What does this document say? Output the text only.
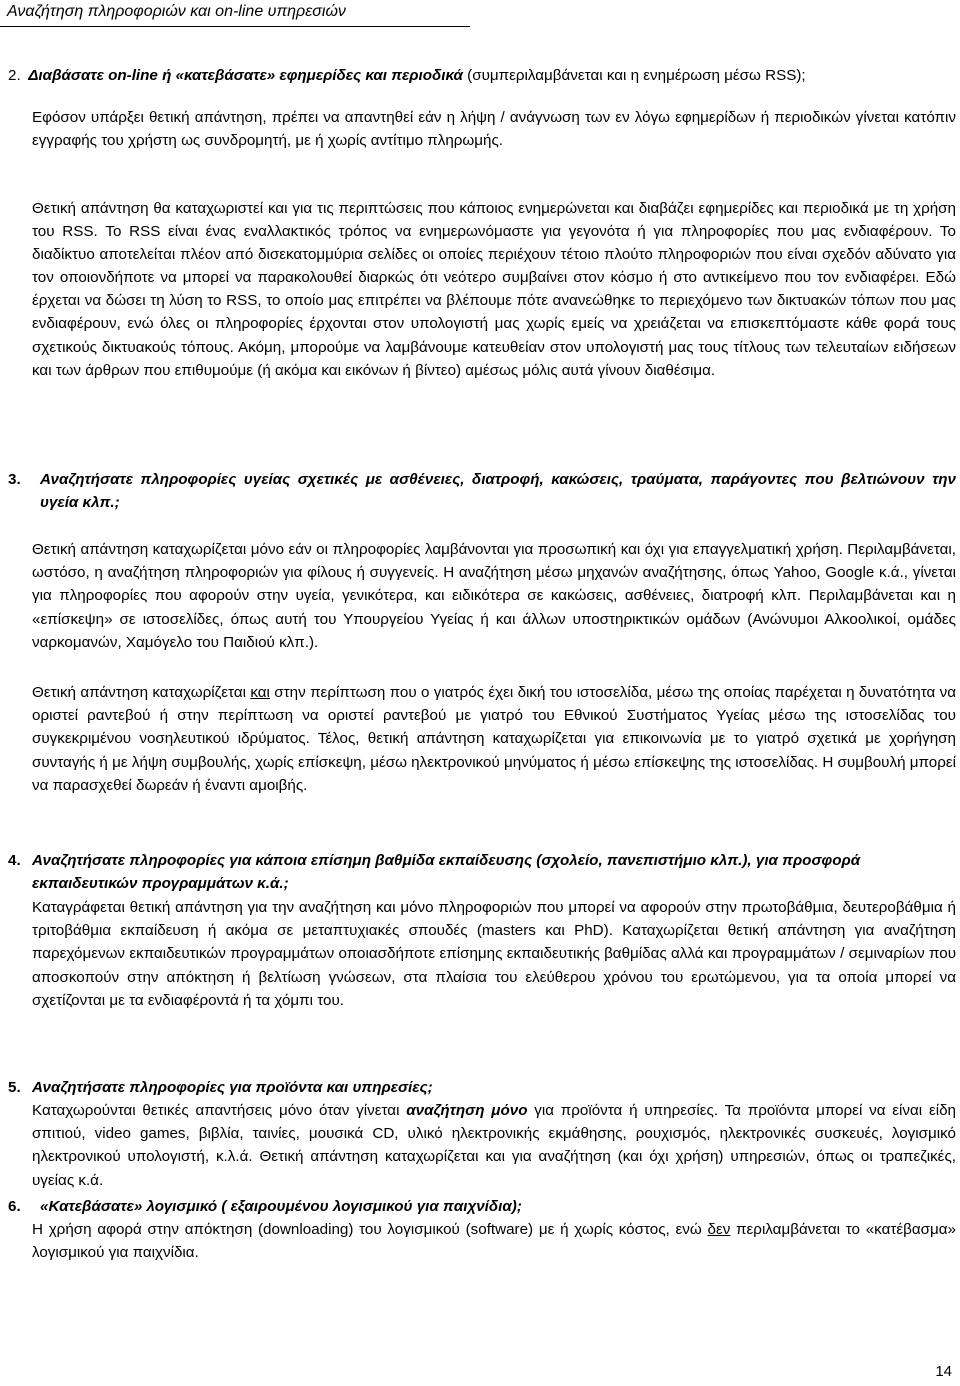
Αναζήτηση πληροφοριών και on-line υπηρεσιών

2. Διαβάσατε on-line ή «κατεβάσατε» εφημερίδες και περιοδικά (συμπεριλαμβάνεται και η ενημέρωση μέσω RSS);

Εφόσον υπάρξει θετική απάντηση, πρέπει να απαντηθεί εάν η λήψη / ανάγνωση των εν λόγω εφημερίδων ή περιοδικών γίνεται κατόπιν εγγραφής του χρήστη ως συνδρομητή, με ή χωρίς αντίτιμο πληρωμής.

Θετική απάντηση θα καταχωριστεί και για τις περιπτώσεις που κάποιος ενημερώνεται και διαβάζει εφημερίδες και περιοδικά με τη χρήση του RSS. Το RSS είναι ένας εναλλακτικός τρόπος να ενημερωνόμαστε για γεγονότα ή για πληροφορίες που μας ενδιαφέρουν. Το διαδίκτυο αποτελείται πλέον από δισεκατομμύρια σελίδες οι οποίες περιέχουν τέτοιο πλούτο πληροφοριών που είναι σχεδόν αδύνατο για τον οποιονδήποτε να μπορεί να παρακολουθεί διαρκώς ότι νεότερο συμβαίνει στον κόσμο ή στο αντικείμενο που τον ενδιαφέρει. Εδώ έρχεται να δώσει τη λύση το RSS, το οποίο μας επιτρέπει να βλέπουμε πότε ανανεώθηκε το περιεχόμενο των δικτυακών τόπων που μας ενδιαφέρουν, ενώ όλες οι πληροφορίες έρχονται στον υπολογιστή μας χωρίς εμείς να χρειάζεται να επισκεπτόμαστε κάθε φορά τους σχετικούς δικτυακούς τόπους. Ακόμη, μπορούμε να λαμβάνουμε κατευθείαν στον υπολογιστή μας τους τίτλους των τελευταίων ειδήσεων και των άρθρων που επιθυμούμε (ή ακόμα και εικόνων ή βίντεο) αμέσως μόλις αυτά γίνουν διαθέσιμα.

3.	Αναζητήσατε πληροφορίες υγείας σχετικές με ασθένειες, διατροφή, κακώσεις, τραύματα, παράγοντες που βελτιώνουν την υγεία κλπ.;

Θετική απάντηση καταχωρίζεται μόνο εάν οι πληροφορίες λαμβάνονται για προσωπική και όχι για επαγγελματική χρήση. Περιλαμβάνεται, ωστόσο, η αναζήτηση πληροφοριών για φίλους ή συγγενείς. Η αναζήτηση μέσω μηχανών αναζήτησης, όπως Yahoo, Google κ.ά., γίνεται για πληροφορίες που αφορούν στην υγεία, γενικότερα, και ειδικότερα σε κακώσεις, ασθένειες, διατροφή κλπ. Περιλαμβάνεται και η «επίσκεψη» σε ιστοσελίδες, όπως αυτή του Υπουργείου Υγείας ή και άλλων υποστηρικτικών ομάδων (Ανώνυμοι Αλκοολικοί, ομάδες ναρκομανών, Χαμόγελο του Παιδιού κλπ.).

Θετική απάντηση καταχωρίζεται και στην περίπτωση που ο γιατρός έχει δική του ιστοσελίδα, μέσω της οποίας παρέχεται η δυνατότητα να οριστεί ραντεβού ή στην περίπτωση να οριστεί ραντεβού με γιατρό του Εθνικού Συστήματος Υγείας μέσω της ιστοσελίδας του συγκεκριμένου νοσηλευτικού ιδρύματος. Τέλος, θετική απάντηση καταχωρίζεται για επικοινωνία με το γιατρό σχετικά με χορήγηση συνταγής ή με λήψη συμβουλής, χωρίς επίσκεψη, μέσω ηλεκτρονικού μηνύματος ή μέσω επίσκεψης της ιστοσελίδας. Η συμβουλή μπορεί να παρασχεθεί δωρεάν ή έναντι αμοιβής.

4. Αναζητήσατε πληροφορίες για κάποια επίσημη βαθμίδα εκπαίδευσης (σχολείο, πανεπιστήμιο κλπ.), για προσφορά εκπαιδευτικών προγραμμάτων κ.ά.;

Καταγράφεται θετική απάντηση για την αναζήτηση και μόνο πληροφοριών που μπορεί να αφορούν στην πρωτοβάθμια, δευτεροβάθμια ή τριτοβάθμια εκπαίδευση ή ακόμα σε μεταπτυχιακές σπουδές (masters και PhD). Καταχωρίζεται θετική απάντηση για αναζήτηση παρεχόμενων εκπαιδευτικών προγραμμάτων οποιασδήποτε επίσημης εκπαιδευτικής βαθμίδας αλλά και προγραμμάτων / σεμιναρίων που αποσκοπούν στην απόκτηση ή βελτίωση γνώσεων, στα πλαίσια του ελεύθερου χρόνου του ερωτώμενου, για τα οποία μπορεί να σχετίζονται με τα ενδιαφέροντά ή τα χόμπι του.

5. Αναζητήσατε πληροφορίες για προϊόντα και υπηρεσίες;

Καταχωρούνται θετικές απαντήσεις μόνο όταν γίνεται αναζήτηση μόνο για προϊόντα ή υπηρεσίες. Τα προϊόντα μπορεί να είναι είδη σπιτιού, video games, βιβλία, ταινίες, μουσικά CD, υλικό ηλεκτρονικής εκμάθησης, ρουχισμός, ηλεκτρονικές συσκευές, λογισμικό ηλεκτρονικού υπολογιστή, κ.λ.ά. Θετική απάντηση καταχωρίζεται και για αναζήτηση (και όχι χρήση) υπηρεσιών, όπως οι τραπεζικές, υγείας κ.ά.

6.	«Κατεβάσατε» λογισμικό ( εξαιρουμένου λογισμικού για παιχνίδια);

Η χρήση αφορά στην απόκτηση (downloading) του λογισμικού (software) με ή χωρίς κόστος, ενώ δεν περιλαμβάνεται το «κατέβασμα» λογισμικού για παιχνίδια.

14
